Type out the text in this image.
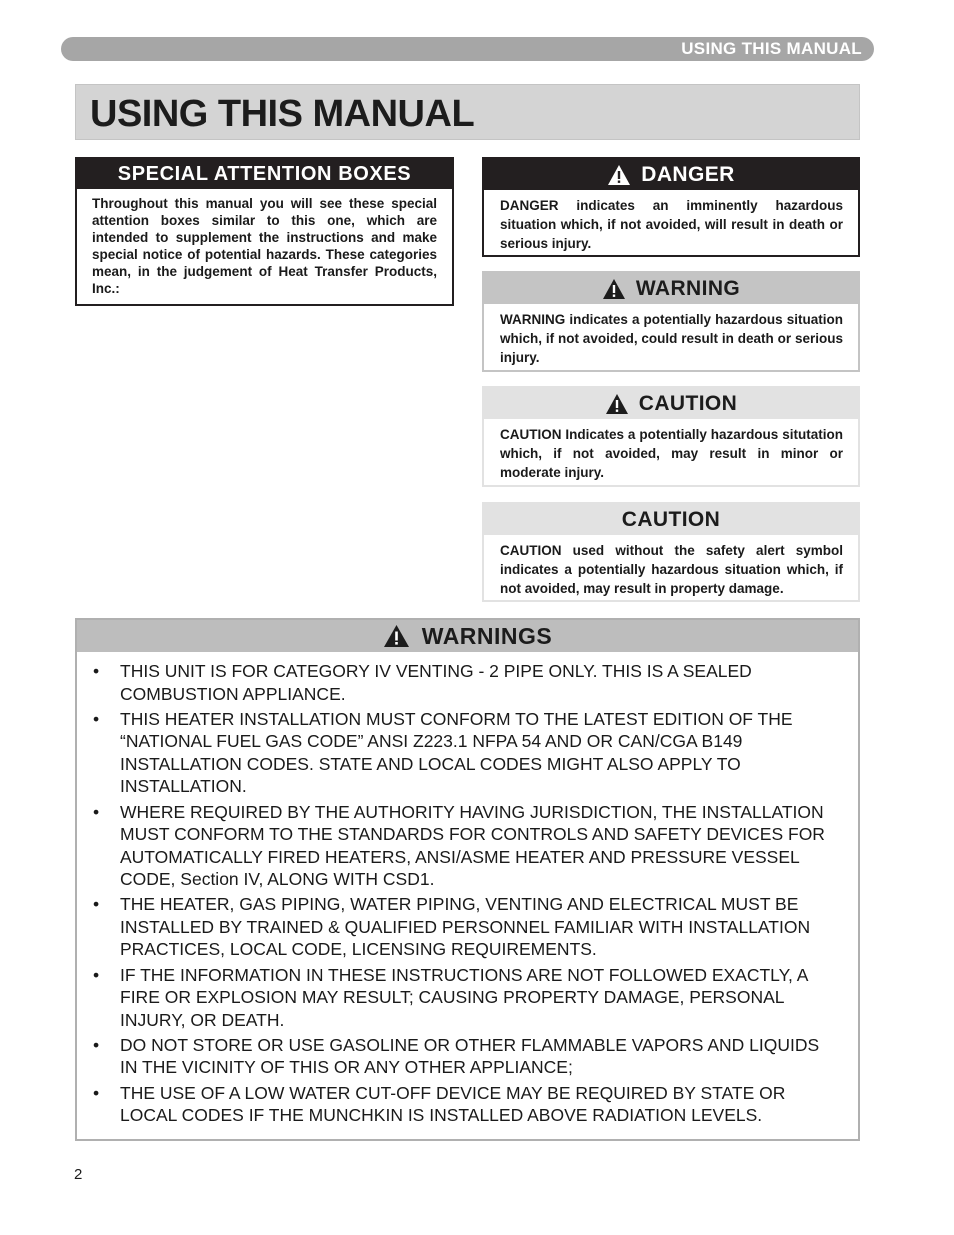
USING THIS MANUAL
USING THIS MANUAL
SPECIAL ATTENTION BOXES
Throughout this manual you will see these special attention boxes similar to this one, which are intended to supplement the instructions and make special notice of potential hazards. These categories mean, in the judgement of Heat Transfer Products, Inc.:
DANGER
DANGER indicates an imminently hazardous situation which, if not avoided, will result in death or serious injury.
WARNING
WARNING indicates a potentially hazardous situation which, if not avoided, could result in death or serious injury.
CAUTION
CAUTION Indicates a potentially hazardous situtation which, if not avoided, may result in minor or moderate injury.
CAUTION
CAUTION used without the safety alert symbol indicates a potentially hazardous situation which, if not avoided, may result in property damage.
WARNINGS
• THIS UNIT IS FOR CATEGORY IV VENTING - 2 PIPE ONLY. THIS IS A SEALED COMBUSTION APPLIANCE.
• THIS HEATER INSTALLATION MUST CONFORM TO THE LATEST EDITION OF THE “NATIONAL FUEL GAS CODE” ANSI Z223.1 NFPA 54 AND OR CAN/CGA B149 INSTALLATION CODES. STATE AND LOCAL CODES MIGHT ALSO APPLY TO INSTALLATION.
• WHERE REQUIRED BY THE AUTHORITY HAVING JURISDICTION, THE INSTALLATION MUST CONFORM TO THE STANDARDS FOR CONTROLS AND SAFETY DEVICES FOR AUTOMATICALLY FIRED HEATERS, ANSI/ASME HEATER AND PRESSURE VESSEL CODE, Section IV, ALONG WITH CSD1.
• THE HEATER, GAS PIPING, WATER PIPING, VENTING AND ELECTRICAL MUST BE INSTALLED BY TRAINED & QUALIFIED PERSONNEL FAMILIAR WITH INSTALLATION PRACTICES, LOCAL CODE, LICENSING REQUIREMENTS.
• IF THE INFORMATION IN THESE INSTRUCTIONS ARE NOT FOLLOWED EXACTLY, A FIRE OR EXPLOSION MAY RESULT; CAUSING PROPERTY DAMAGE, PERSONAL INJURY, OR DEATH.
• DO NOT STORE OR USE GASOLINE OR OTHER FLAMMABLE VAPORS AND LIQUIDS IN THE VICINITY OF THIS OR ANY OTHER APPLIANCE;
• THE USE OF A LOW WATER CUT-OFF DEVICE MAY BE REQUIRED BY STATE OR LOCAL CODES IF THE MUNCHKIN IS INSTALLED ABOVE RADIATION LEVELS.
2
